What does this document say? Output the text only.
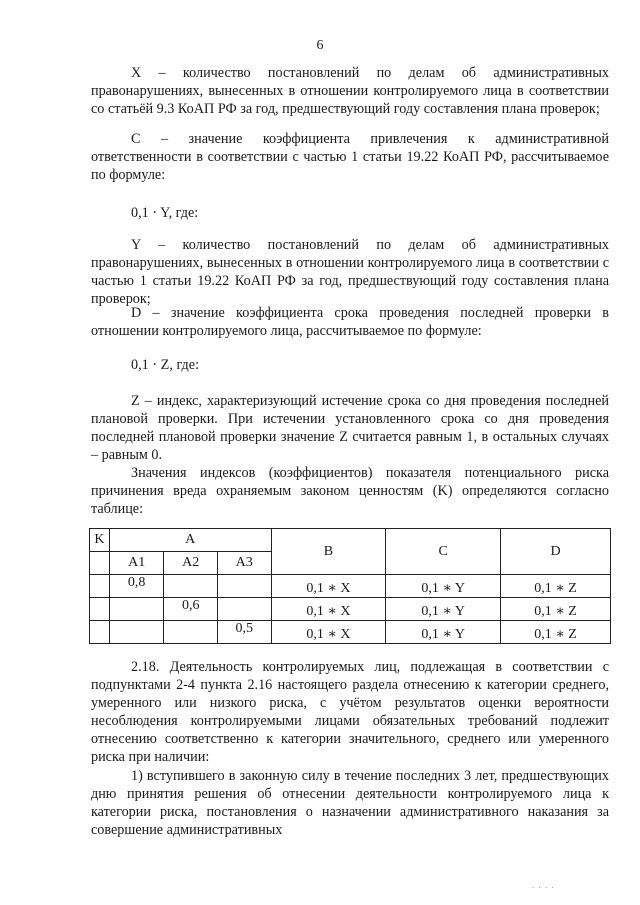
6

X – количество постановлений по делам об административных правонарушениях, вынесенных в отношении контролируемого лица в соответствии со статьёй 9.3 КоАП РФ за год, предшествующий году составления плана проверок;

C – значение коэффициента привлечения к административной ответственности в соответствии с частью 1 статьи 19.22 КоАП РФ, рассчитываемое по формуле:

0,1 ⋅ Y, где:

Y – количество постановлений по делам об административных правонарушениях, вынесенных в отношении контролируемого лица в соответствии с частью 1 статьи 19.22 КоАП РФ за год, предшествующий году составления плана проверок;

D – значение коэффициента срока проведения последней проверки в отношении контролируемого лица, рассчитываемое по формуле:

0,1 ⋅ Z, где:

Z – индекс, характеризующий истечение срока со дня проведения последней плановой проверки. При истечении установленного срока со дня проведения последней плановой проверки значение Z считается равным 1, в остальных случаях – равным 0.

Значения индексов (коэффициентов) показателя потенциального риска причинения вреда охраняемым законом ценностям (K) определяются согласно таблице:

K	A			B	C	D
	A1	A2	A3			
	0,8			0,1 ∗ X	0,1 ∗ Y	0,1 ∗ Z
		0,6		0,1 ∗ X	0,1 ∗ Y	0,1 ∗ Z
			0,5	0,1 ∗ X	0,1 ∗ Y	0,1 ∗ Z

2.18. Деятельность контролируемых лиц, подлежащая в соответствии с подпунктами 2-4 пункта 2.16 настоящего раздела отнесению к категории среднего, умеренного или низкого риска, с учётом результатов оценки вероятности несоблюдения контролируемыми лицами обязательных требований подлежит отнесению соответственно к категории значительного, среднего или умеренного риска при наличии:

1) вступившего в законную силу в течение последних 3 лет, предшествующих дню принятия решения об отнесении деятельности контролируемого лица к категории риска, постановления о назначении административного наказания за совершение административных

. . . .
